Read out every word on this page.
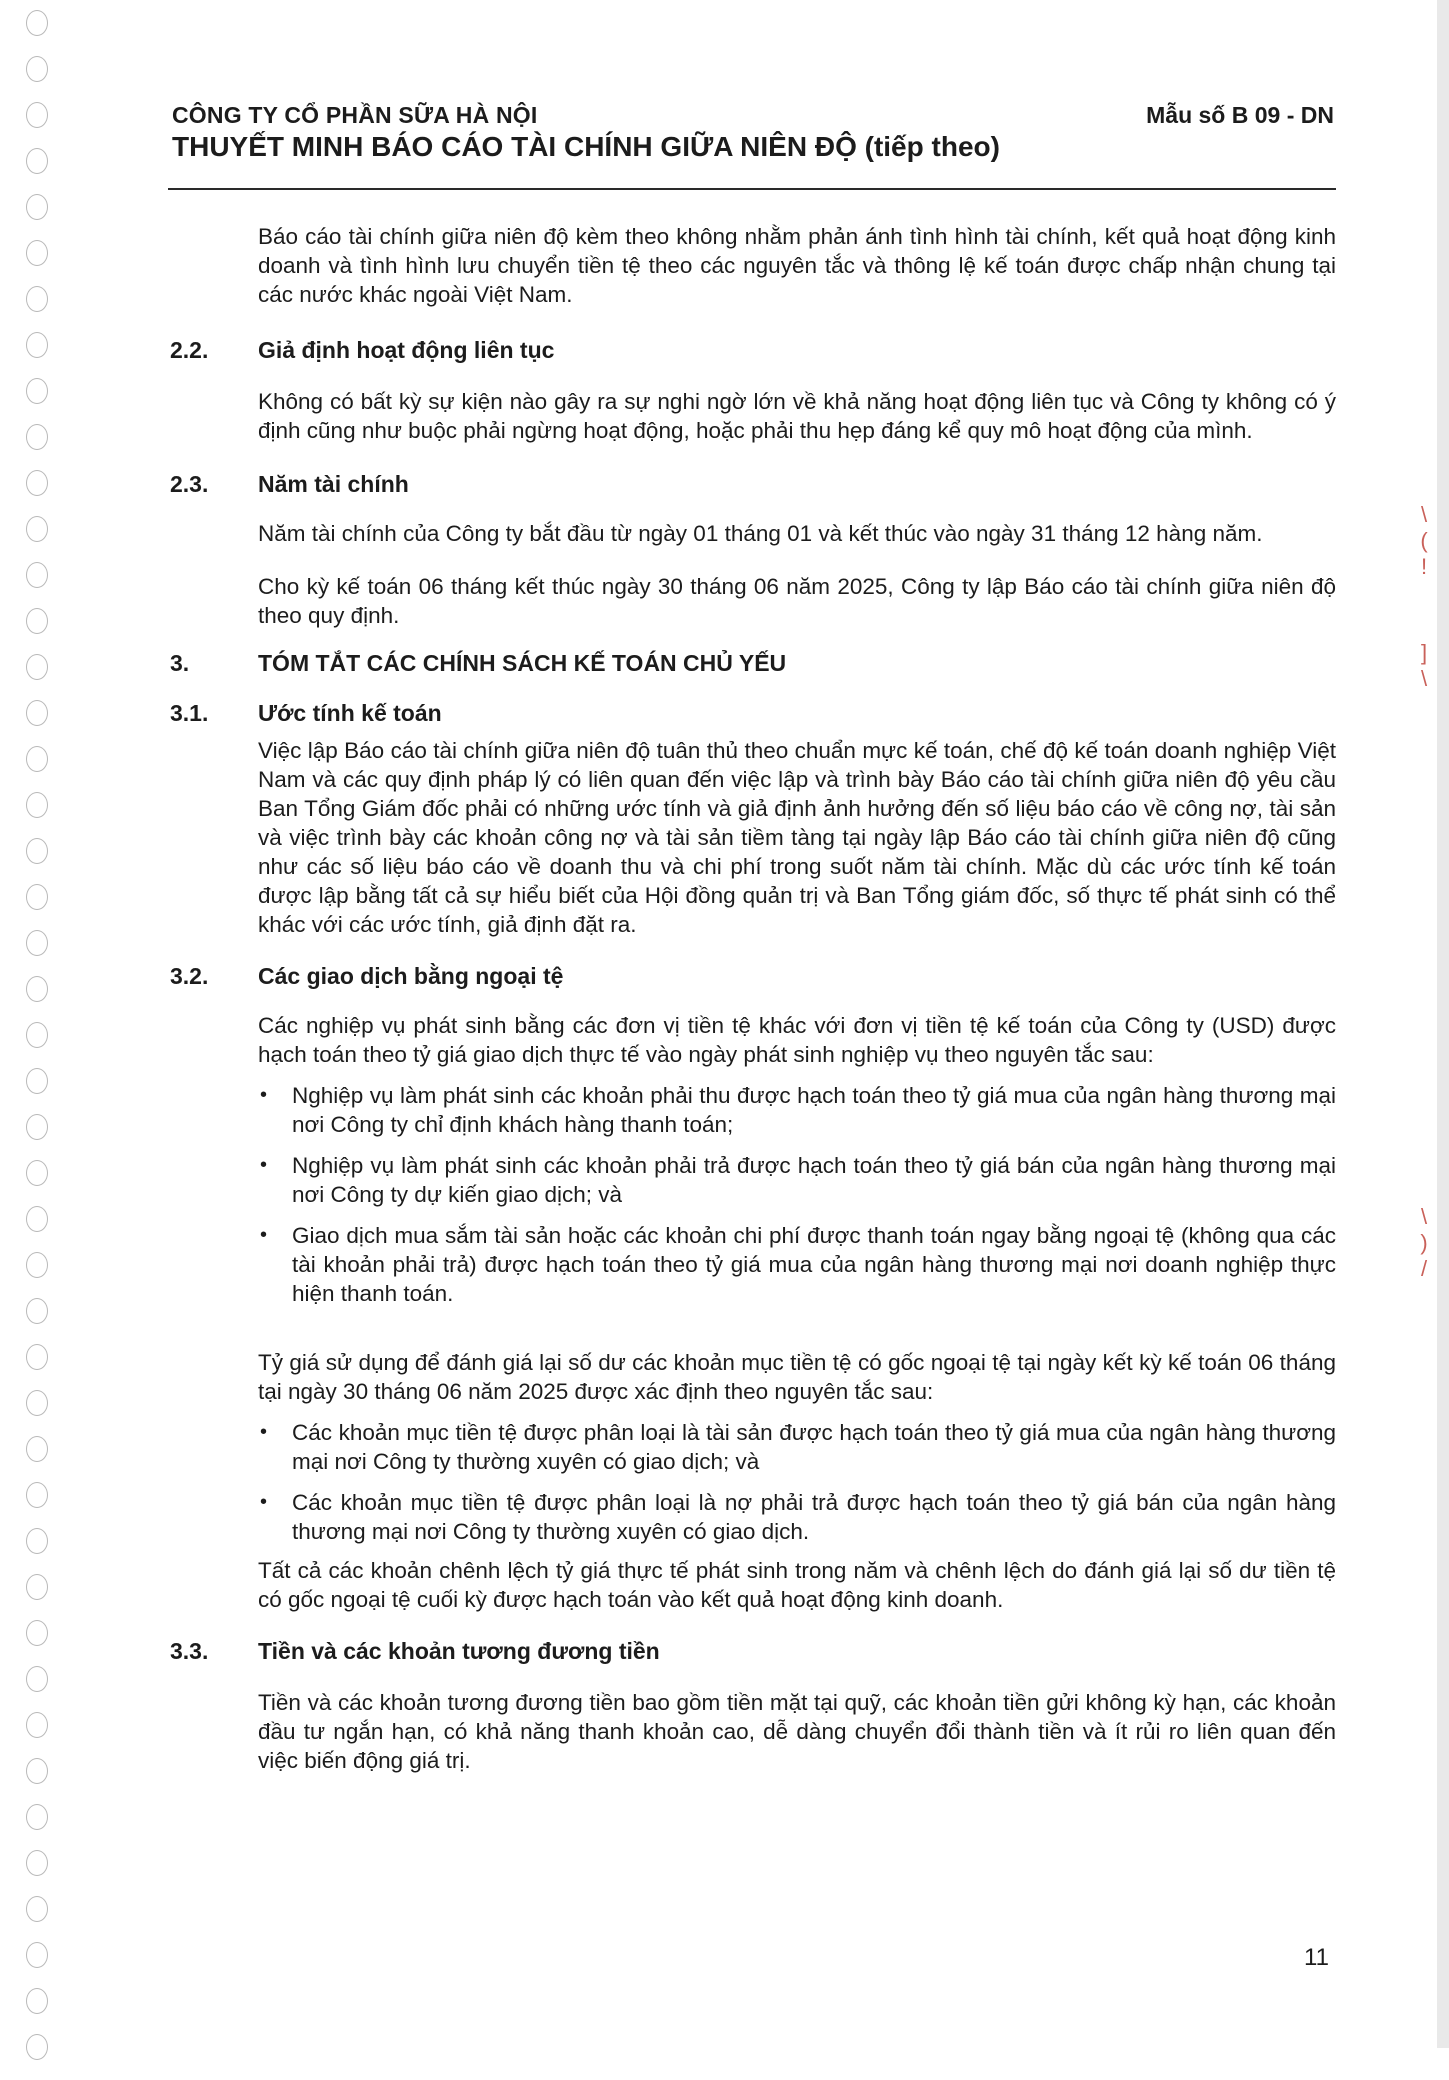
CÔNG TY CỔ PHẦN SỮA HÀ NỘI
THUYẾT MINH BÁO CÁO TÀI CHÍNH GIỮA NIÊN ĐỘ (tiếp theo)
Mẫu số B 09 - DN
\
(
!
]
\
\
)
/

Báo cáo tài chính giữa niên độ kèm theo không nhằm phản ánh tình hình tài chính, kết quả hoạt động kinh doanh và tình hình lưu chuyển tiền tệ theo các nguyên tắc và thông lệ kế toán được chấp nhận chung tại các nước khác ngoài Việt Nam.

2.2.	Giả định hoạt động liên tục

Không có bất kỳ sự kiện nào gây ra sự nghi ngờ lớn về khả năng hoạt động liên tục và Công ty không có ý định cũng như buộc phải ngừng hoạt động, hoặc phải thu hẹp đáng kể quy mô hoạt động của mình.

2.3.	Năm tài chính

Năm tài chính của Công ty bắt đầu từ ngày 01 tháng 01 và kết thúc vào ngày 31 tháng 12 hàng năm.

Cho kỳ kế toán 06 tháng kết thúc ngày 30 tháng 06 năm 2025, Công ty lập Báo cáo tài chính giữa niên độ theo quy định.

3.	TÓM TẮT CÁC CHÍNH SÁCH KẾ TOÁN CHỦ YẾU
3.1.	Ước tính kế toán

Việc lập Báo cáo tài chính giữa niên độ tuân thủ theo chuẩn mực kế toán, chế độ kế toán doanh nghiệp Việt Nam và các quy định pháp lý có liên quan đến việc lập và trình bày Báo cáo tài chính giữa niên độ yêu cầu Ban Tổng Giám đốc phải có những ước tính và giả định ảnh hưởng đến số liệu báo cáo về công nợ, tài sản và việc trình bày các khoản công nợ và tài sản tiềm tàng tại ngày lập Báo cáo tài chính giữa niên độ cũng như các số liệu báo cáo về doanh thu và chi phí trong suốt năm tài chính. Mặc dù các ước tính kế toán được lập bằng tất cả sự hiểu biết của Hội đồng quản trị và Ban Tổng giám đốc, số thực tế phát sinh có thể khác với các ước tính, giả định đặt ra.

3.2.	Các giao dịch bằng ngoại tệ

Các nghiệp vụ phát sinh bằng các đơn vị tiền tệ khác với đơn vị tiền tệ kế toán của Công ty (USD) được hạch toán theo tỷ giá giao dịch thực tế vào ngày phát sinh nghiệp vụ theo nguyên tắc sau:

• Nghiệp vụ làm phát sinh các khoản phải thu được hạch toán theo tỷ giá mua của ngân hàng thương mại nơi Công ty chỉ định khách hàng thanh toán;
• Nghiệp vụ làm phát sinh các khoản phải trả được hạch toán theo tỷ giá bán của ngân hàng thương mại nơi Công ty dự kiến giao dịch; và
• Giao dịch mua sắm tài sản hoặc các khoản chi phí được thanh toán ngay bằng ngoại tệ (không qua các tài khoản phải trả) được hạch toán theo tỷ giá mua của ngân hàng thương mại nơi doanh nghiệp thực hiện thanh toán.

Tỷ giá sử dụng để đánh giá lại số dư các khoản mục tiền tệ có gốc ngoại tệ tại ngày kết kỳ kế toán 06 tháng tại ngày 30 tháng 06 năm 2025 được xác định theo nguyên tắc sau:

• Các khoản mục tiền tệ được phân loại là tài sản được hạch toán theo tỷ giá mua của ngân hàng thương mại nơi Công ty thường xuyên có giao dịch; và
• Các khoản mục tiền tệ được phân loại là nợ phải trả được hạch toán theo tỷ giá bán của ngân hàng thương mại nơi Công ty thường xuyên có giao dịch.

Tất cả các khoản chênh lệch tỷ giá thực tế phát sinh trong năm và chênh lệch do đánh giá lại số dư tiền tệ có gốc ngoại tệ cuối kỳ được hạch toán vào kết quả hoạt động kinh doanh.

3.3.	Tiền và các khoản tương đương tiền

Tiền và các khoản tương đương tiền bao gồm tiền mặt tại quỹ, các khoản tiền gửi không kỳ hạn, các khoản đầu tư ngắn hạn, có khả năng thanh khoản cao, dễ dàng chuyển đổi thành tiền và ít rủi ro liên quan đến việc biến động giá trị.

11
